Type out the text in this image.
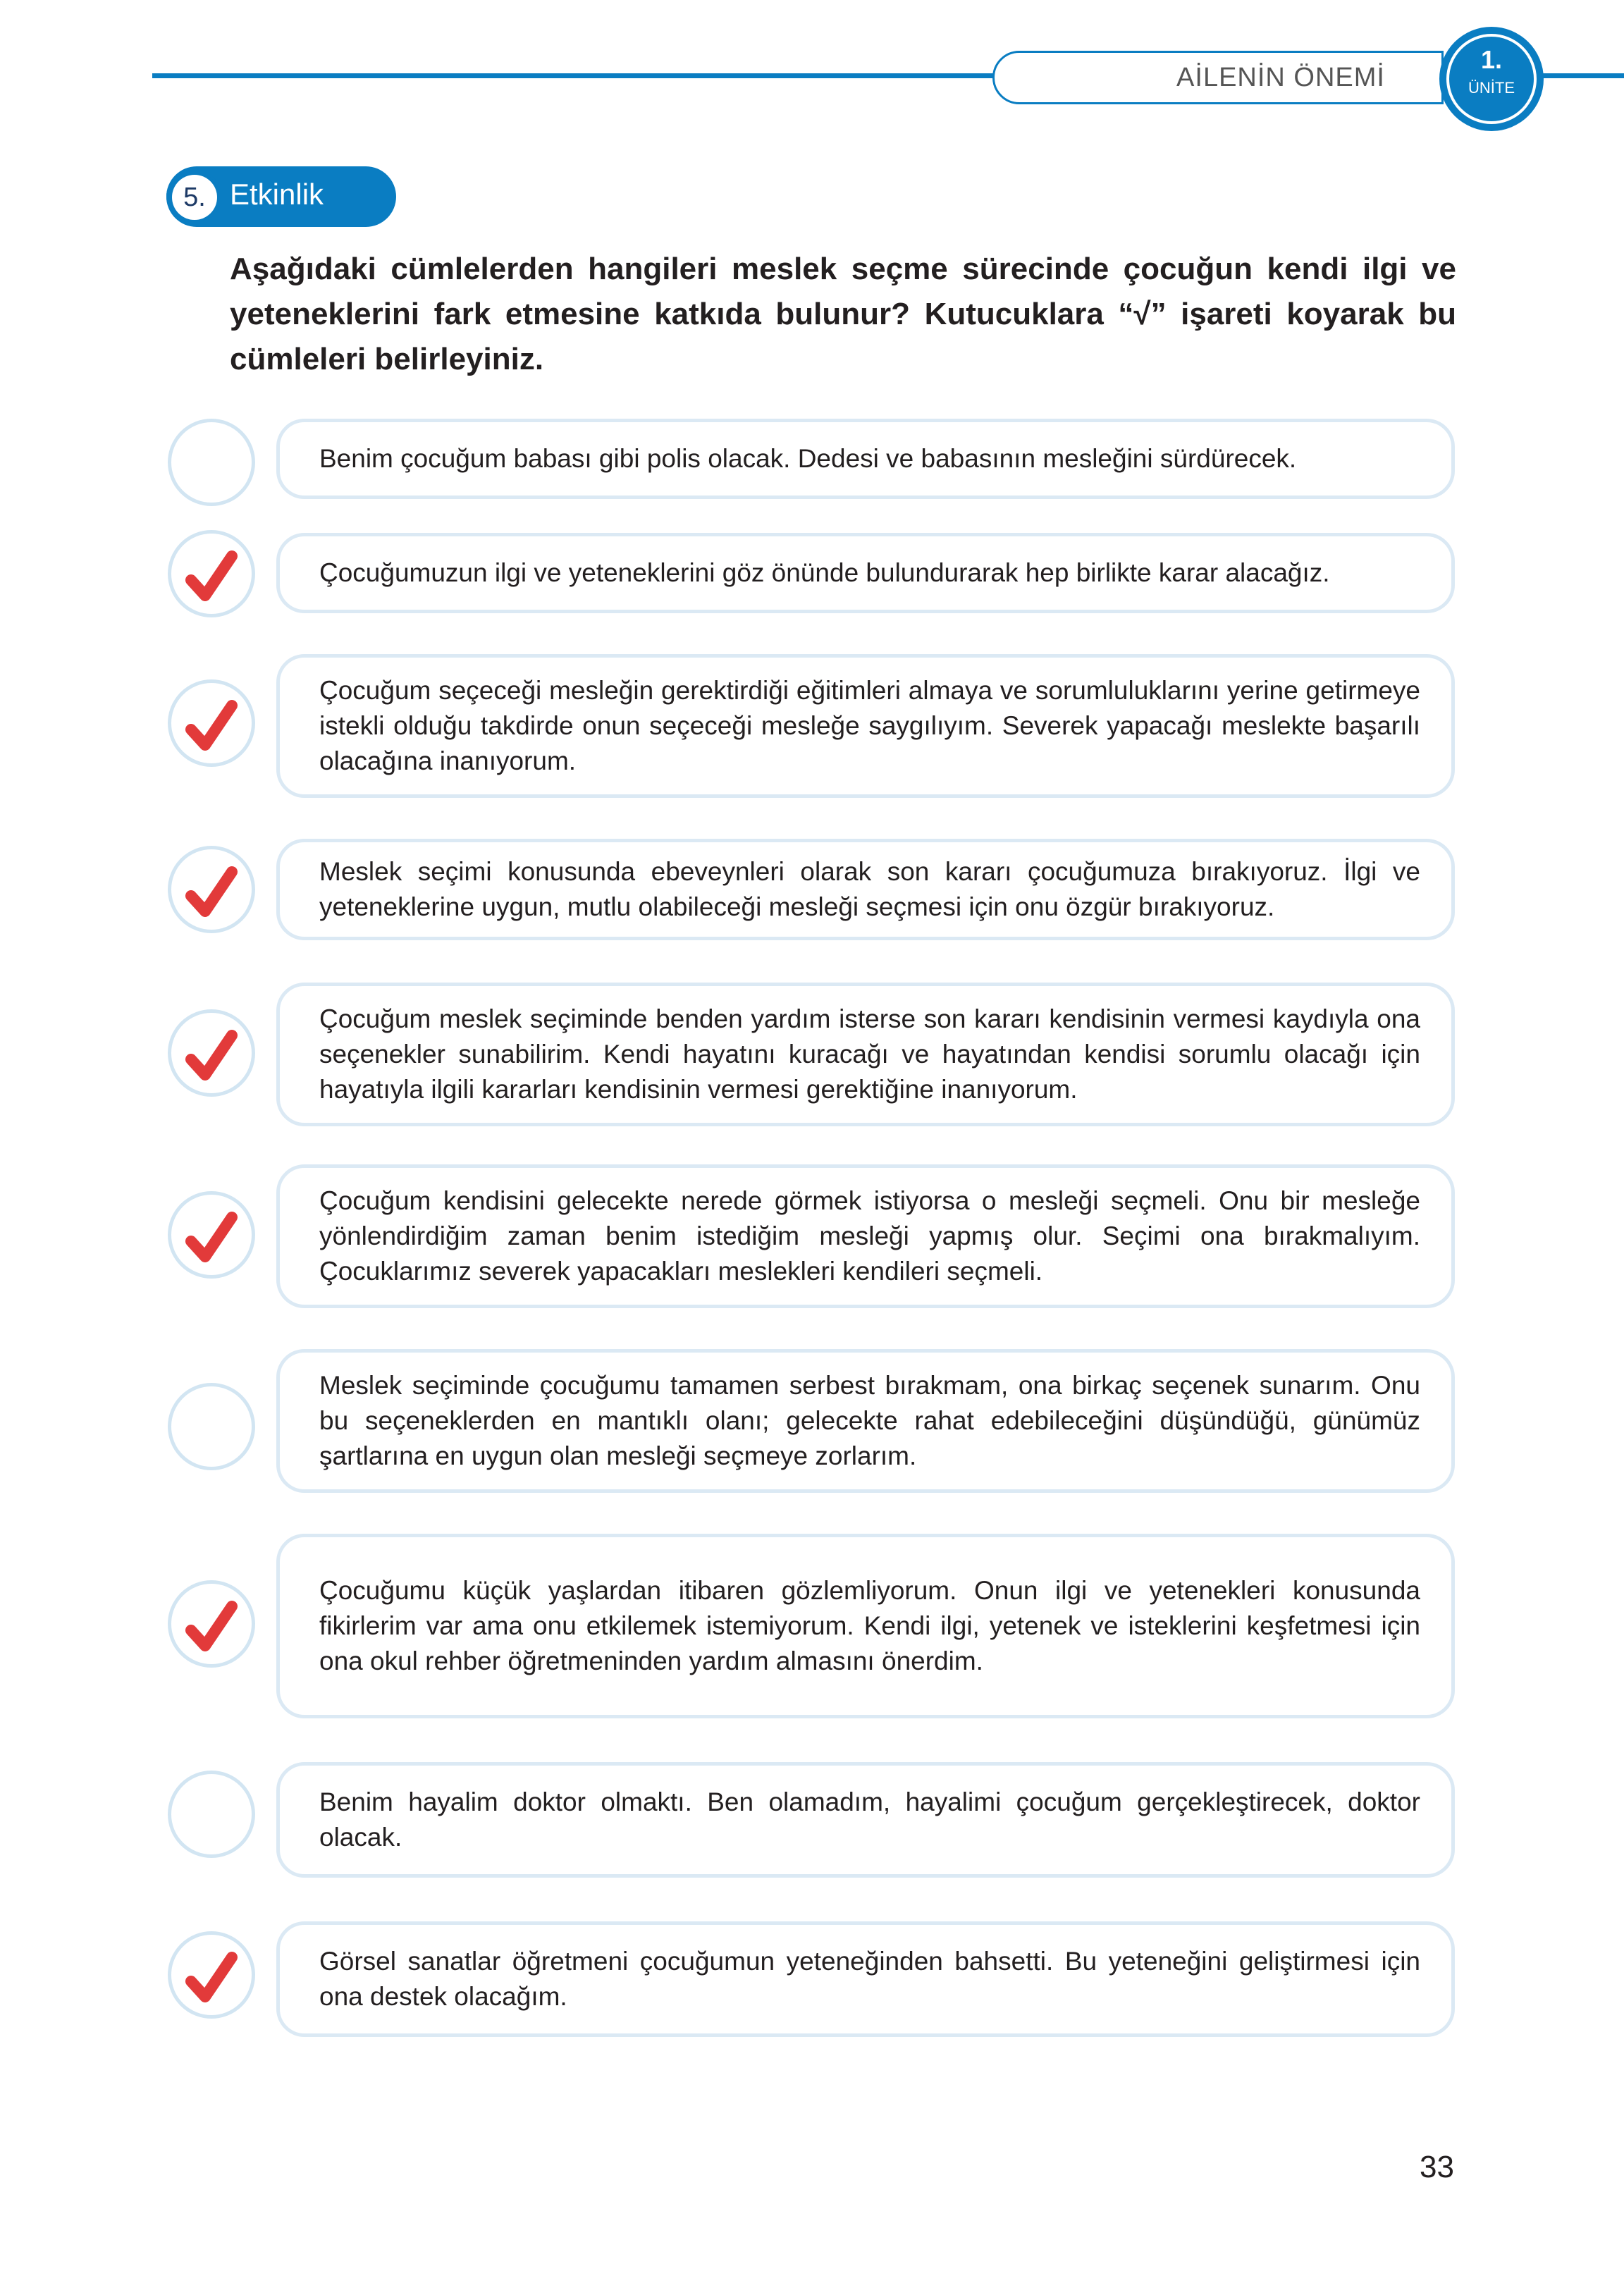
AİLENİN ÖNEMİ
1.
ÜNİTE
5. Etkinlik
Aşağıdaki cümlelerden hangileri meslek seçme sürecinde çocuğun kendi ilgi ve yeteneklerini fark etmesine katkıda bulunur? Kutucuklara “√” işareti koyarak bu cümleleri belirleyiniz.
Benim çocuğum babası gibi polis olacak. Dedesi ve babasının mesleğini sürdürecek.
Çocuğumuzun ilgi ve yeteneklerini göz önünde bulundurarak hep birlikte karar alacağız.
Çocuğum seçeceği mesleğin gerektirdiği eğitimleri almaya ve sorumluluklarını yerine getirmeye istekli olduğu takdirde onun seçeceği mesleğe saygılıyım. Severek yapacağı meslekte başarılı olacağına inanıyorum.
Meslek seçimi konusunda ebeveynleri olarak son kararı çocuğumuza bırakıyoruz. İlgi ve yeteneklerine uygun, mutlu olabileceği mesleği seçmesi için onu özgür bırakıyoruz.
Çocuğum meslek seçiminde benden yardım isterse son kararı kendisinin vermesi kaydıyla ona seçenekler sunabilirim. Kendi hayatını kuracağı ve hayatından kendisi sorumlu olacağı için hayatıyla ilgili kararları kendisinin vermesi gerektiğine inanıyorum.
Çocuğum kendisini gelecekte nerede görmek istiyorsa o mesleği seçmeli. Onu bir mesleğe yönlendirdiğim zaman benim istediğim mesleği yapmış olur. Seçimi ona bırakmalıyım. Çocuklarımız severek yapacakları meslekleri kendileri seçmeli.
Meslek seçiminde çocuğumu tamamen serbest bırakmam, ona birkaç seçenek sunarım. Onu bu seçeneklerden en mantıklı olanı; gelecekte rahat edebileceğini düşündüğü, günümüz şartlarına en uygun olan mesleği seçmeye zorlarım.
Çocuğumu küçük yaşlardan itibaren gözlemliyorum. Onun ilgi ve yetenekleri konusunda fikirlerim var ama onu etkilemek istemiyorum. Kendi ilgi, yetenek ve isteklerini keşfetmesi için ona okul rehber öğretmeninden yardım almasını önerdim.
Benim hayalim doktor olmaktı. Ben olamadım, hayalimi çocuğum gerçekleştirecek, doktor olacak.
Görsel sanatlar öğretmeni çocuğumun yeteneğinden bahsetti. Bu yeteneğini geliştirmesi için ona destek olacağım.
33
